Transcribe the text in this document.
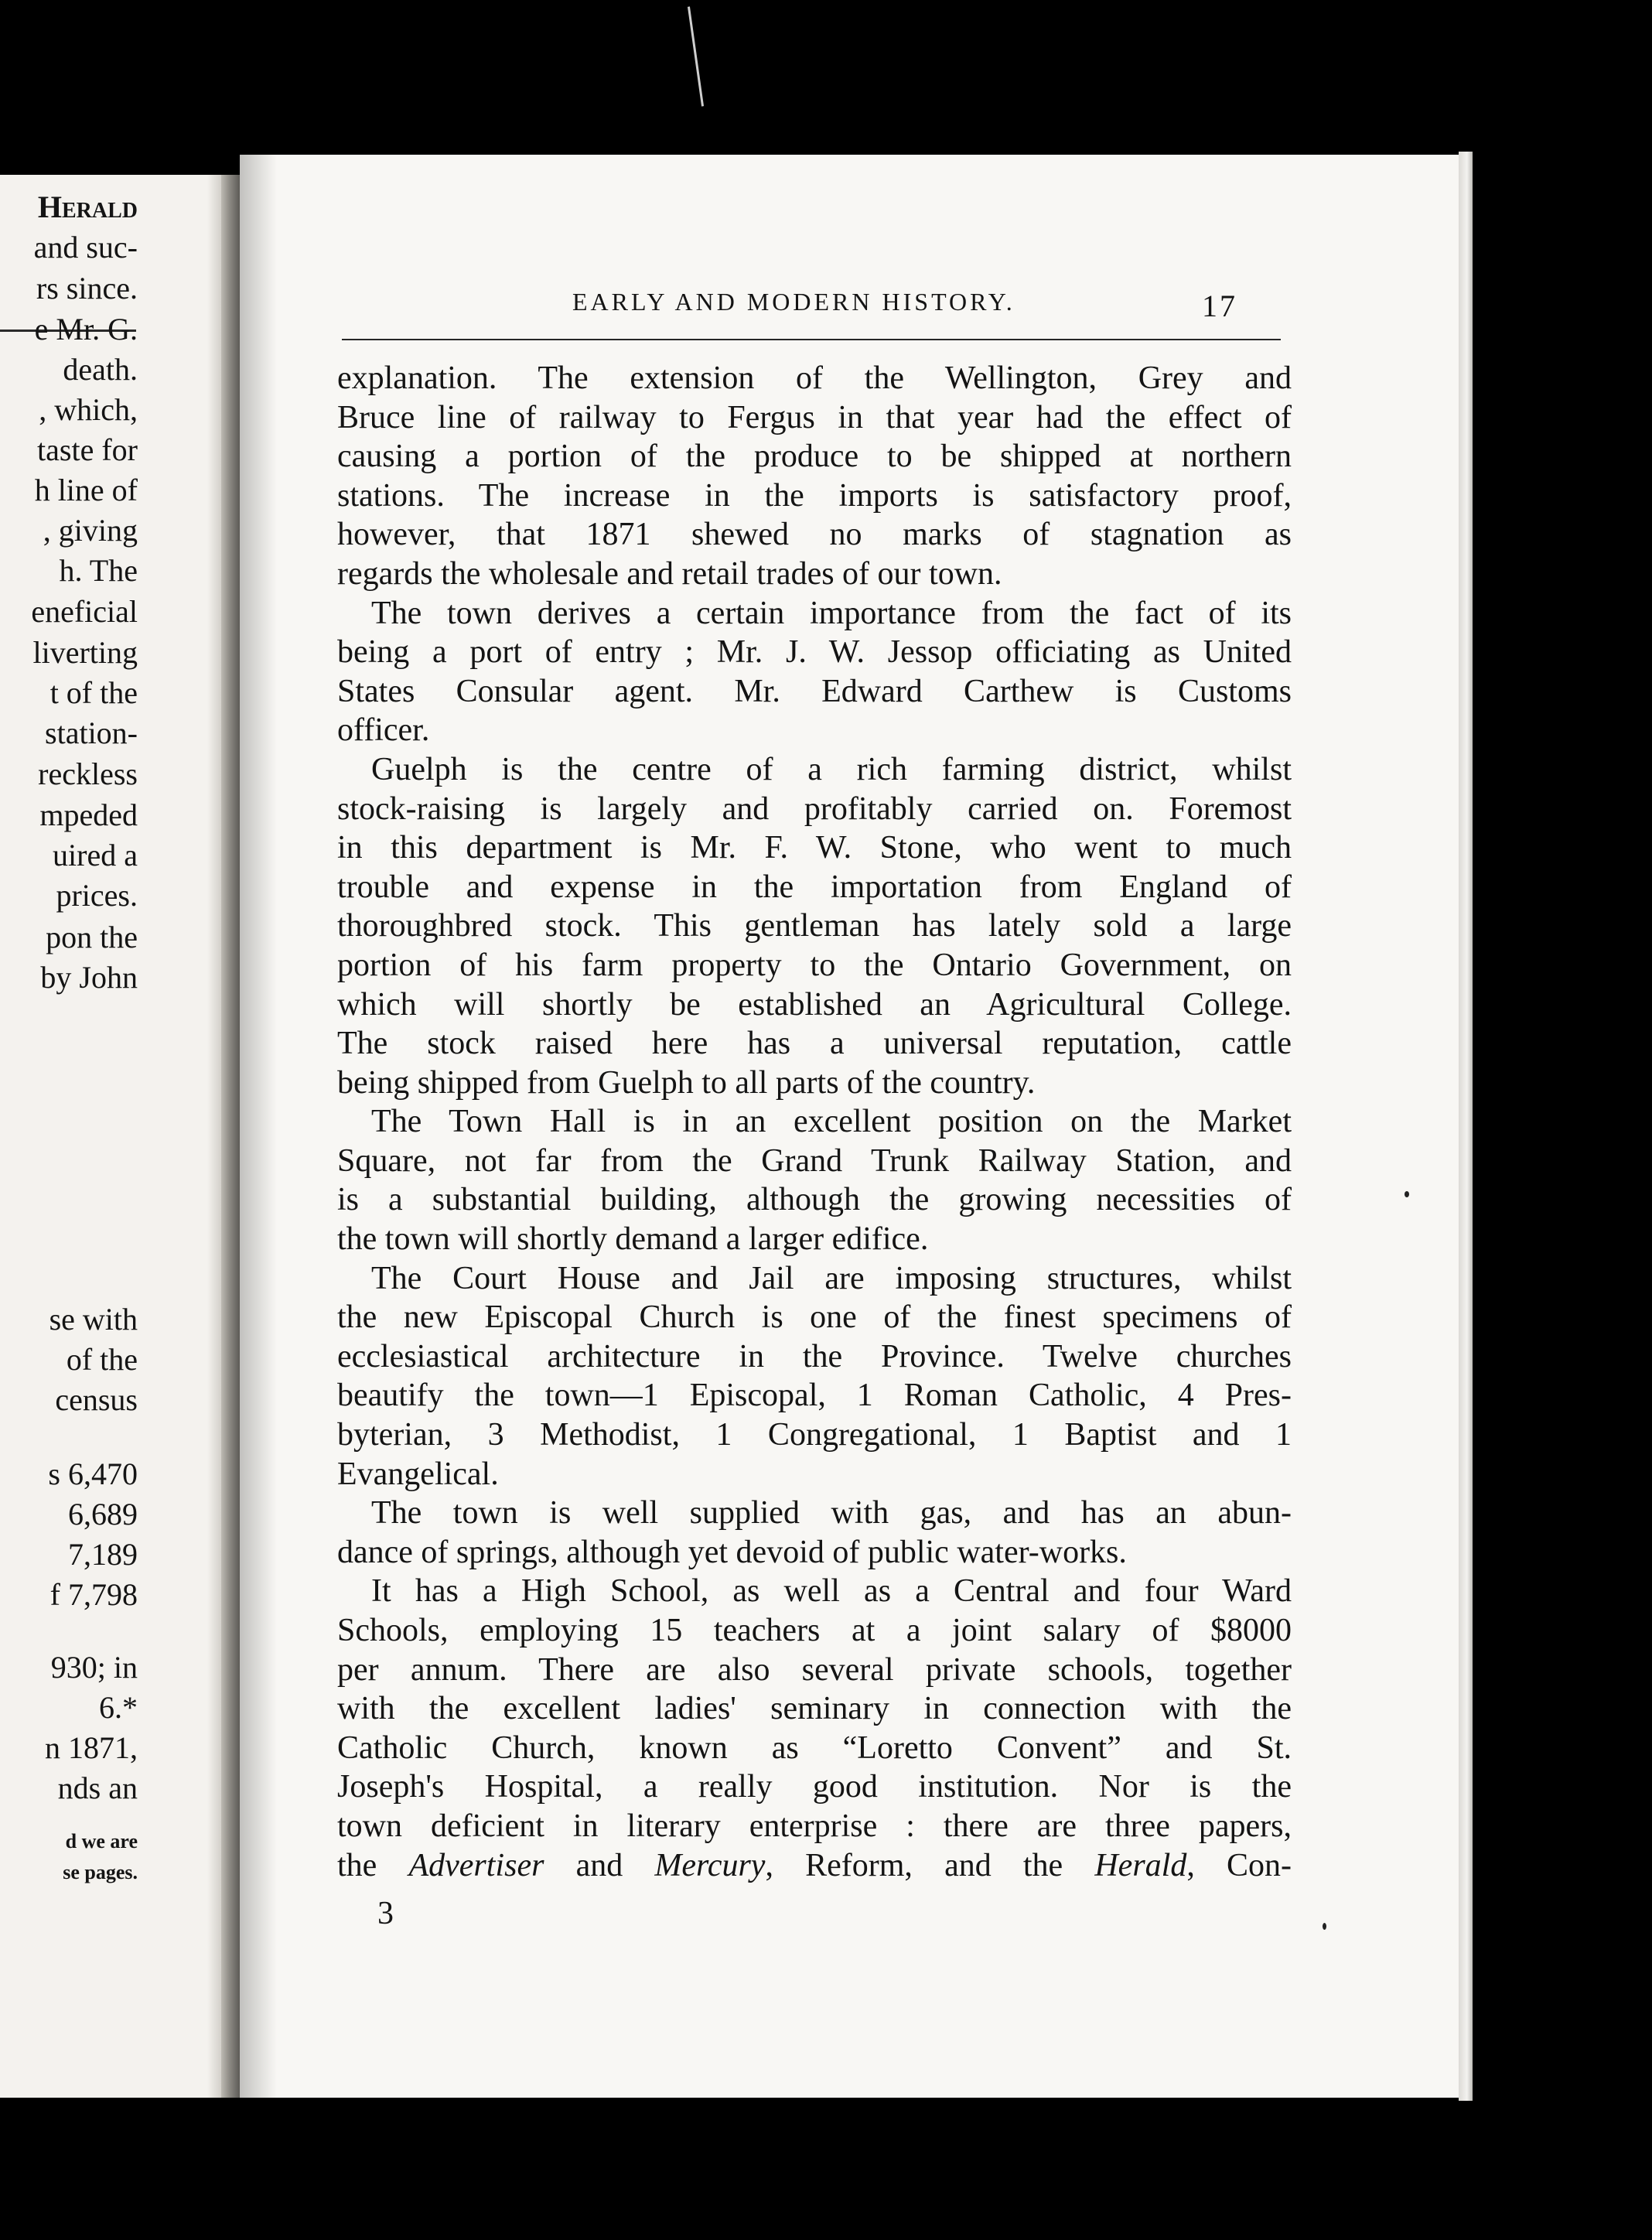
Herald
and suc-
rs since.
e Mr. G.
death.
, which,
taste for
h line of
, giving
h. The
eneficial
liverting
t of the
station-
reckless
mpeded
uired a
prices.
pon the
by John
se with
of the
census
s 6,470
6,689
7,189
f 7,798
930; in
6.*
n 1871,
nds an
d we are
se pages.
EARLY AND MODERN HISTORY.	17
explanation. The extension of the Wellington, Grey and
Bruce line of railway to Fergus in that year had the effect of
causing a portion of the produce to be shipped at northern
stations. The increase in the imports is satisfactory proof,
however, that 1871 shewed no marks of stagnation as
regards the wholesale and retail trades of our town.
The town derives a certain importance from the fact of its
being a port of entry ; Mr. J. W. Jessop officiating as United
States Consular agent. Mr. Edward Carthew is Customs
officer.
Guelph is the centre of a rich farming district, whilst
stock-raising is largely and profitably carried on. Foremost
in this department is Mr. F. W. Stone, who went to much
trouble and expense in the importation from England of
thoroughbred stock. This gentleman has lately sold a large
portion of his farm property to the Ontario Government, on
which will shortly be established an Agricultural College.
The stock raised here has a universal reputation, cattle
being shipped from Guelph to all parts of the country.
The Town Hall is in an excellent position on the Market
Square, not far from the Grand Trunk Railway Station, and
is a substantial building, although the growing necessities of
the town will shortly demand a larger edifice.
The Court House and Jail are imposing structures, whilst
the new Episcopal Church is one of the finest specimens of
ecclesiastical architecture in the Province. Twelve churches
beautify the town—1 Episcopal, 1 Roman Catholic, 4 Pres-
byterian, 3 Methodist, 1 Congregational, 1 Baptist and 1
Evangelical.
The town is well supplied with gas, and has an abun-
dance of springs, although yet devoid of public water-works.
It has a High School, as well as a Central and four Ward
Schools, employing 15 teachers at a joint salary of $8000
per annum. There are also several private schools, together
with the excellent ladies' seminary in connection with the
Catholic Church, known as “Loretto Convent” and St.
Joseph's Hospital, a really good institution. Nor is the
town deficient in literary enterprise : there are three papers,
the Advertiser and Mercury, Reform, and the Herald, Con-
3
